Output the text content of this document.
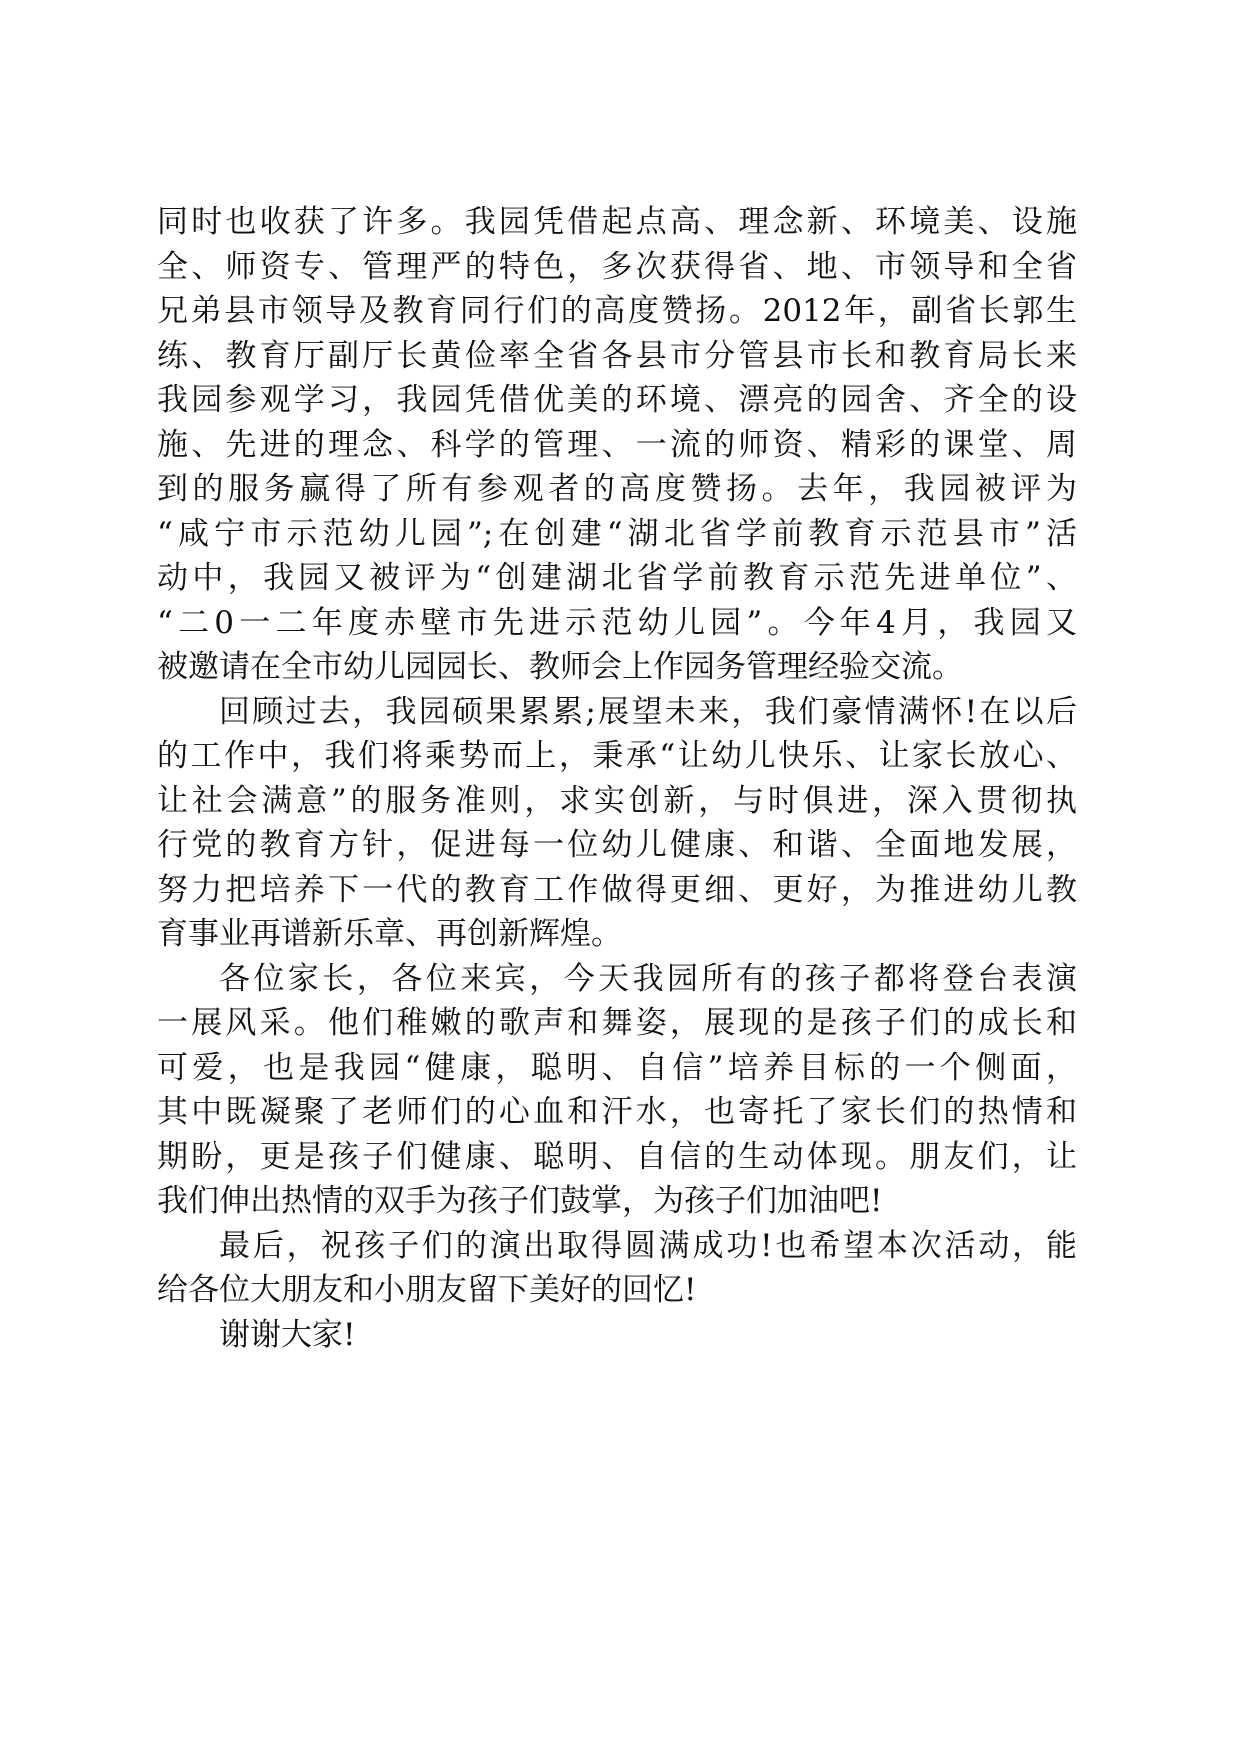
同时也收获了许多。我园凭借起点高、理念新、环境美、设施
全、师资专、管理严的特色，多次获得省、地、市领导和全省
兄弟县市领导及教育同行们的高度赞扬。2012年，副省长郭生
练、教育厅副厅长黄俭率全省各县市分管县市长和教育局长来
我园参观学习，我园凭借优美的环境、漂亮的园舍、齐全的设
施、先进的理念、科学的管理、一流的师资、精彩的课堂、周
到的服务赢得了所有参观者的高度赞扬。去年，我园被评为
“咸宁市示范幼儿园”;在创建“湖北省学前教育示范县市”活
动中，我园又被评为“创建湖北省学前教育示范先进单位”、
“二0一二年度赤壁市先进示范幼儿园”。今年4月，我园又
被邀请在全市幼儿园园长、教师会上作园务管理经验交流。
回顾过去，我园硕果累累;展望未来，我们豪情满怀!在以后
的工作中，我们将乘势而上，秉承“让幼儿快乐、让家长放心、
让社会满意”的服务准则，求实创新，与时俱进，深入贯彻执
行党的教育方针，促进每一位幼儿健康、和谐、全面地发展，
努力把培养下一代的教育工作做得更细、更好，为推进幼儿教
育事业再谱新乐章、再创新辉煌。
各位家长，各位来宾，今天我园所有的孩子都将登台表演
一展风采。他们稚嫩的歌声和舞姿，展现的是孩子们的成长和
可爱，也是我园“健康，聪明、自信”培养目标的一个侧面，
其中既凝聚了老师们的心血和汗水，也寄托了家长们的热情和
期盼，更是孩子们健康、聪明、自信的生动体现。朋友们，让
我们伸出热情的双手为孩子们鼓掌，为孩子们加油吧!
最后，祝孩子们的演出取得圆满成功!也希望本次活动，能
给各位大朋友和小朋友留下美好的回忆!
谢谢大家!
